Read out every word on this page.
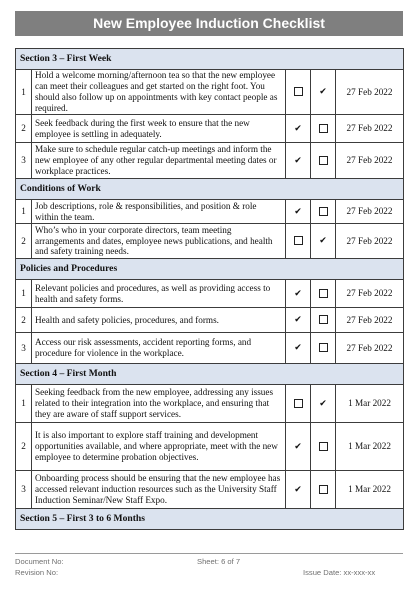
New Employee Induction Checklist
Section 3 – First Week				
1	Hold a welcome morning/afternoon tea so that the new employee can meet their colleagues and get started on the right foot. You should also follow up on appointments with key contact people as required.		✔	27 Feb 2022
2	Seek feedback during the first week to ensure that the new employee is settling in adequately.	✔		27 Feb 2022
3	Make sure to schedule regular catch-up meetings and inform the new employee of any other regular departmental meeting dates or workplace practices.	✔		27 Feb 2022
Conditions of Work				
1	Job descriptions, role & responsibilities, and position & role within the team.	✔		27 Feb 2022
2	Who’s who in your corporate directors, team meeting arrangements and dates, employee news publications, and health and safety training needs.		✔	27 Feb 2022
Policies and Procedures				
1	Relevant policies and procedures, as well as providing access to health and safety forms.	✔		27 Feb 2022
2	Health and safety policies, procedures, and forms.	✔		27 Feb 2022
3	Access our risk assessments, accident reporting forms, and procedure for violence in the workplace.	✔		27 Feb 2022
Section 4 – First Month				
1	Seeking feedback from the new employee, addressing any issues related to their integration into the workplace, and ensuring that they are aware of staff support services.		✔	1 Mar 2022
2	It is also important to explore staff training and development opportunities available, and where appropriate, meet with the new employee to determine probation objectives.	✔		1 Mar 2022
3	Onboarding process should be ensuring that the new employee has accessed relevant induction resources such as the University Staff Induction Seminar/New Staff Expo.	✔		1 Mar 2022
Section 5 – First 3 to 6 Months				
Document No:	Sheet: 6 of 7
Revision No:	Issue Date: xx-xxx-xx
